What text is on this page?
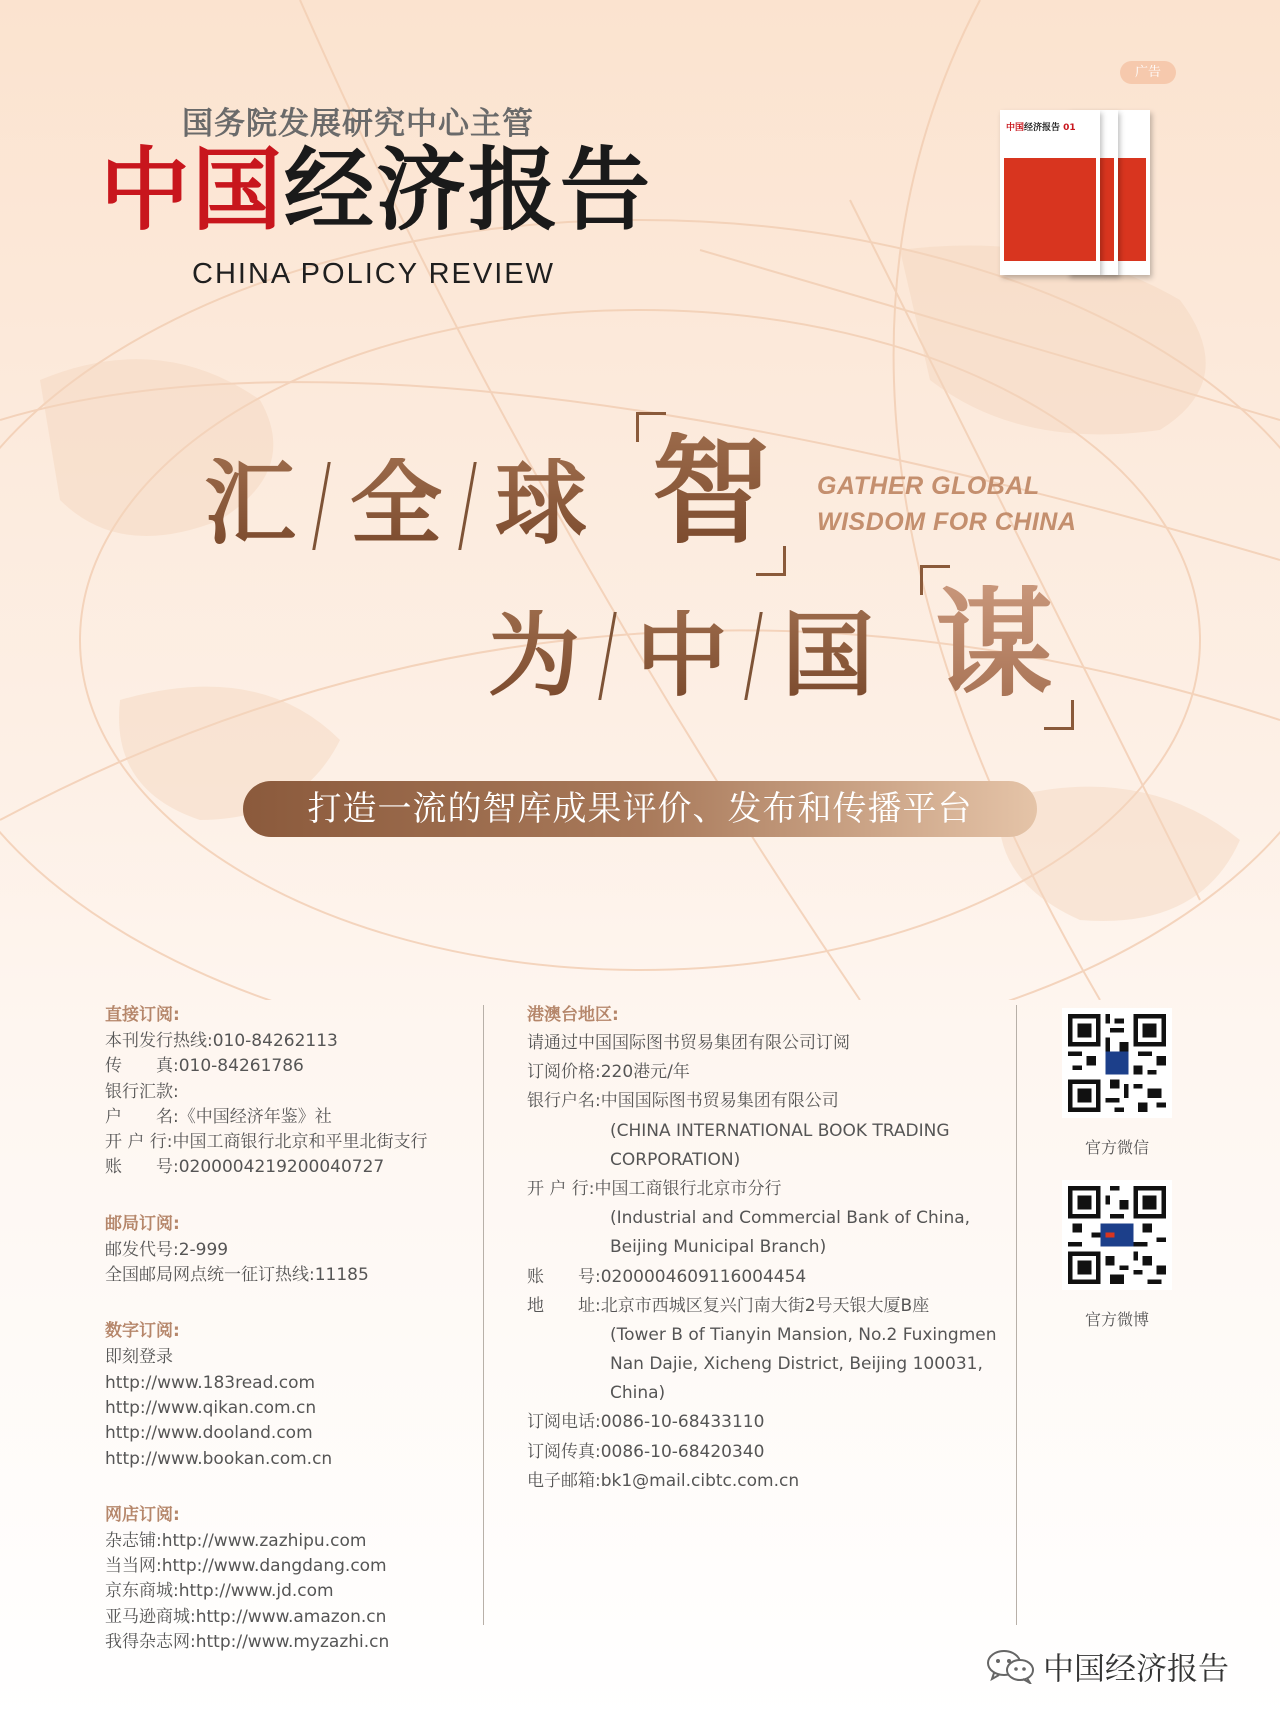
广告
国务院发展研究中心主管
中国经济报告
CHINA POLICY REVIEW
中国经济报告 01
汇 全 球 智 GATHER GLOBAL
WISDOM FOR CHINA
为 中 国 谋
打造一流的智库成果评价、发布和传播平台
直接订阅:
本刊发行热线:010-84262113
传　　真:010-84261786
银行汇款:
户　　名:《中国经济年鉴》社
开 户 行:中国工商银行北京和平里北街支行
账　　号:0200004219200040727
邮局订阅:
邮发代号:2-999
全国邮局网点统一征订热线:11185
数字订阅:
即刻登录
http://www.183read.com
http://www.qikan.com.cn
http://www.dooland.com
http://www.bookan.com.cn
网店订阅:
杂志铺:http://www.zazhipu.com
当当网:http://www.dangdang.com
京东商城:http://www.jd.com
亚马逊商城:http://www.amazon.cn
我得杂志网:http://www.myzazhi.cn
港澳台地区:
请通过中国国际图书贸易集团有限公司订阅
订阅价格:220港元/年
银行户名:中国国际图书贸易集团有限公司
(CHINA INTERNATIONAL BOOK TRADING
CORPORATION)
开 户 行:中国工商银行北京市分行
(Industrial and Commercial Bank of China,
Beijing Municipal Branch)
账　　号:0200004609116004454
地　　址:北京市西城区复兴门南大街2号天银大厦B座
(Tower B of Tianyin Mansion, No.2 Fuxingmen
Nan Dajie, Xicheng District, Beijing 100031,
China)
订阅电话:0086-10-68433110
订阅传真:0086-10-68420340
电子邮箱:bk1@mail.cibtc.com.cn
官方微信
官方微博
中国经济报告
